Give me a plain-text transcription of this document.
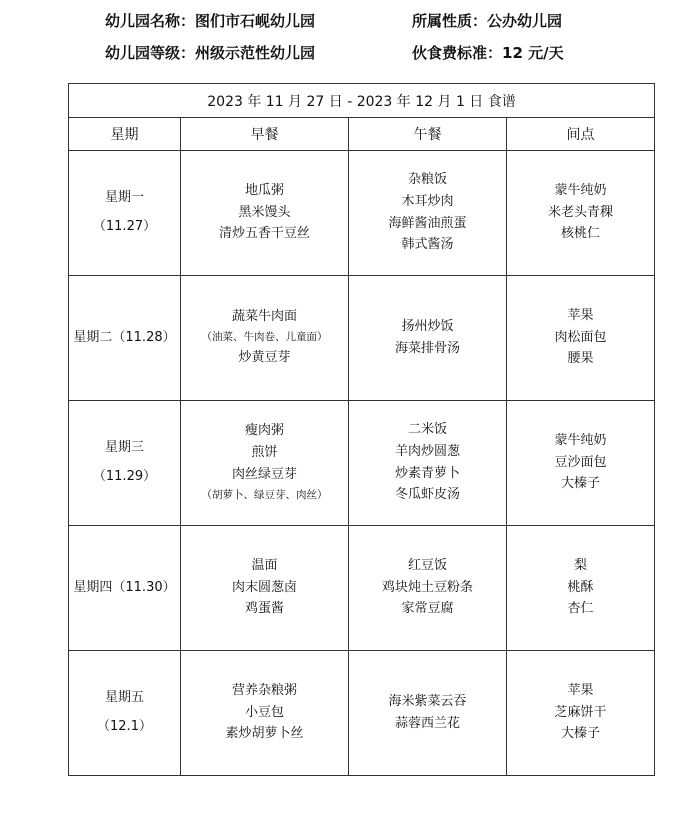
幼儿园名称：图们市石岘幼儿园	所属性质：公办幼儿园
幼儿园等级：州级示范性幼儿园	伙食费标准：12 元/天
2023 年 11 月 27 日 - 2023 年 12 月 1 日 食谱			
星期	早餐	午餐	间点

星期一
（11.27）	地瓜粥
黑米馒头
清炒五香干豆丝	杂粮饭
木耳炒肉
海鲜酱油煎蛋
韩式酱汤	蒙牛纯奶
米老头青稞
核桃仁

星期二（11.28）	蔬菜牛肉面
（油菜、牛肉卷、儿童面）
炒黄豆芽	扬州炒饭
海菜排骨汤	苹果
肉松面包
腰果

星期三
（11.29）	瘦肉粥
煎饼
肉丝绿豆芽
（胡萝卜、绿豆芽、肉丝）	二米饭
羊肉炒圆葱
炒素青萝卜
冬瓜虾皮汤	蒙牛纯奶
豆沙面包
大榛子

星期四（11.30）	温面
肉末圆葱卤
鸡蛋酱	红豆饭
鸡块炖土豆粉条
家常豆腐	梨
桃酥
杏仁

星期五
（12.1）	营养杂粮粥
小豆包
素炒胡萝卜丝	海米紫菜云吞
蒜蓉西兰花	苹果
芝麻饼干
大榛子
